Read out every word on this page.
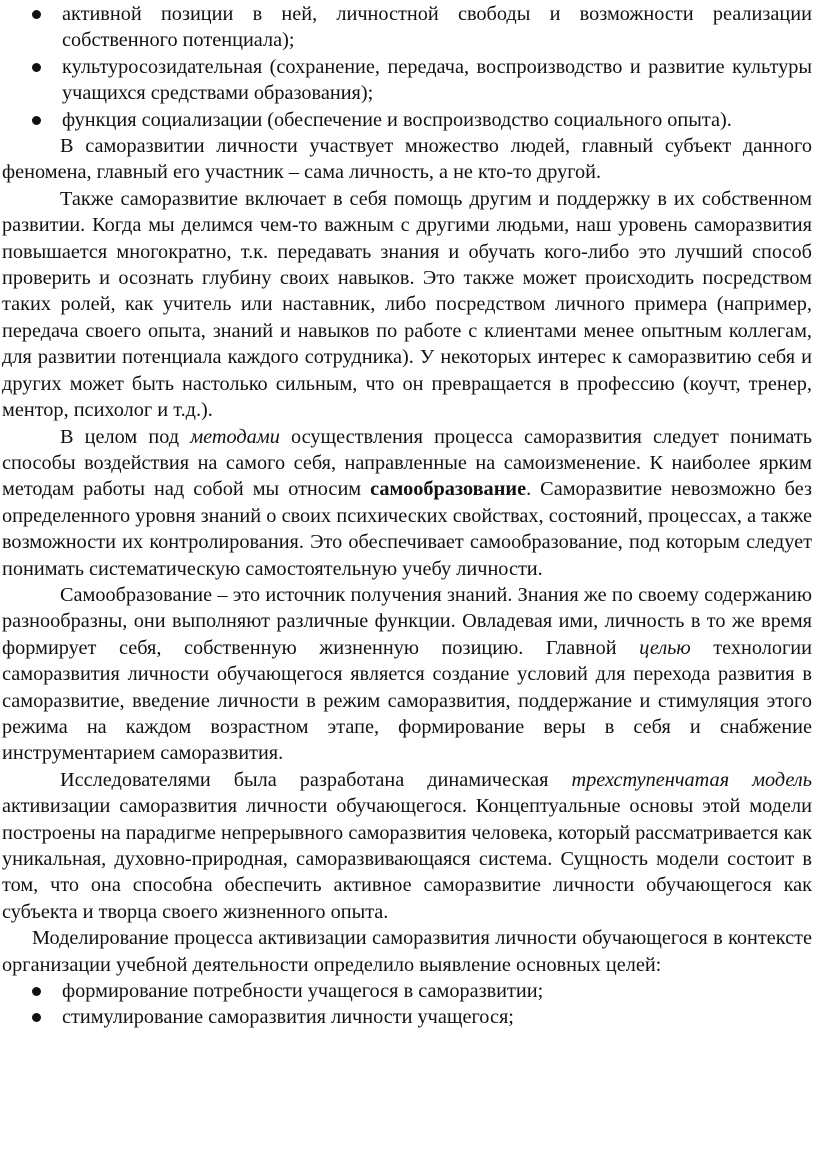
активной позиции в ней, личностной свободы и возможности реализации собственного потенциала);
культуросозидательная (сохранение, передача, воспроизводство и развитие культуры учащихся средствами образования);
функция социализации (обеспечение и воспроизводство социального опыта).

В саморазвитии личности участвует множество людей, главный субъект данного феномена, главный его участник – сама личность, а не кто-то другой.

Также саморазвитие включает в себя помощь другим и поддержку в их собственном развитии. Когда мы делимся чем-то важным с другими людьми, наш уровень саморазвития повышается многократно, т.к. передавать знания и обучать кого-либо это лучший способ проверить и осознать глубину своих навыков. Это также может происходить посредством таких ролей, как учитель или наставник, либо посредством личного примера (например, передача своего опыта, знаний и навыков по работе с клиентами менее опытным коллегам, для развитии потенциала каждого сотрудника). У некоторых интерес к саморазвитию себя и других может быть настолько сильным, что он превращается в профессию (коучт, тренер, ментор, психолог и т.д.).

В целом под методами осуществления процесса саморазвития следует понимать способы воздействия на самого себя, направленные на самоизменение. К наиболее ярким методам работы над собой мы относим самообразование. Саморазвитие невозможно без определенного уровня знаний о своих психических свойствах, состояний, процессах, а также возможности их контролирования. Это обеспечивает самообразование, под которым следует понимать систематическую самостоятельную учебу личности.

Самообразование – это источник получения знаний. Знания же по своему содержанию разнообразны, они выполняют различные функции. Овладевая ими, личность в то же время формирует себя, собственную жизненную позицию. Главной целью технологии саморазвития личности обучающегося является создание условий для перехода развития в саморазвитие, введение личности в режим саморазвития, поддержание и стимуляция этого режима на каждом возрастном этапе, формирование веры в себя и снабжение инструментарием саморазвития.

Исследователями была разработана динамическая трехступенчатая модель активизации саморазвития личности обучающегося. Концептуальные основы этой модели построены на парадигме непрерывного саморазвития человека, который рассматривается как уникальная, духовно-природная, саморазвивающаяся система. Сущность модели состоит в том, что она способна обеспечить активное саморазвитие личности обучающегося как субъекта и творца своего жизненного опыта.

Моделирование процесса активизации саморазвития личности обучающегося в контексте организации учебной деятельности определило выявление основных целей:

формирование потребности учащегося в саморазвитии;
стимулирование саморазвития личности учащегося;
